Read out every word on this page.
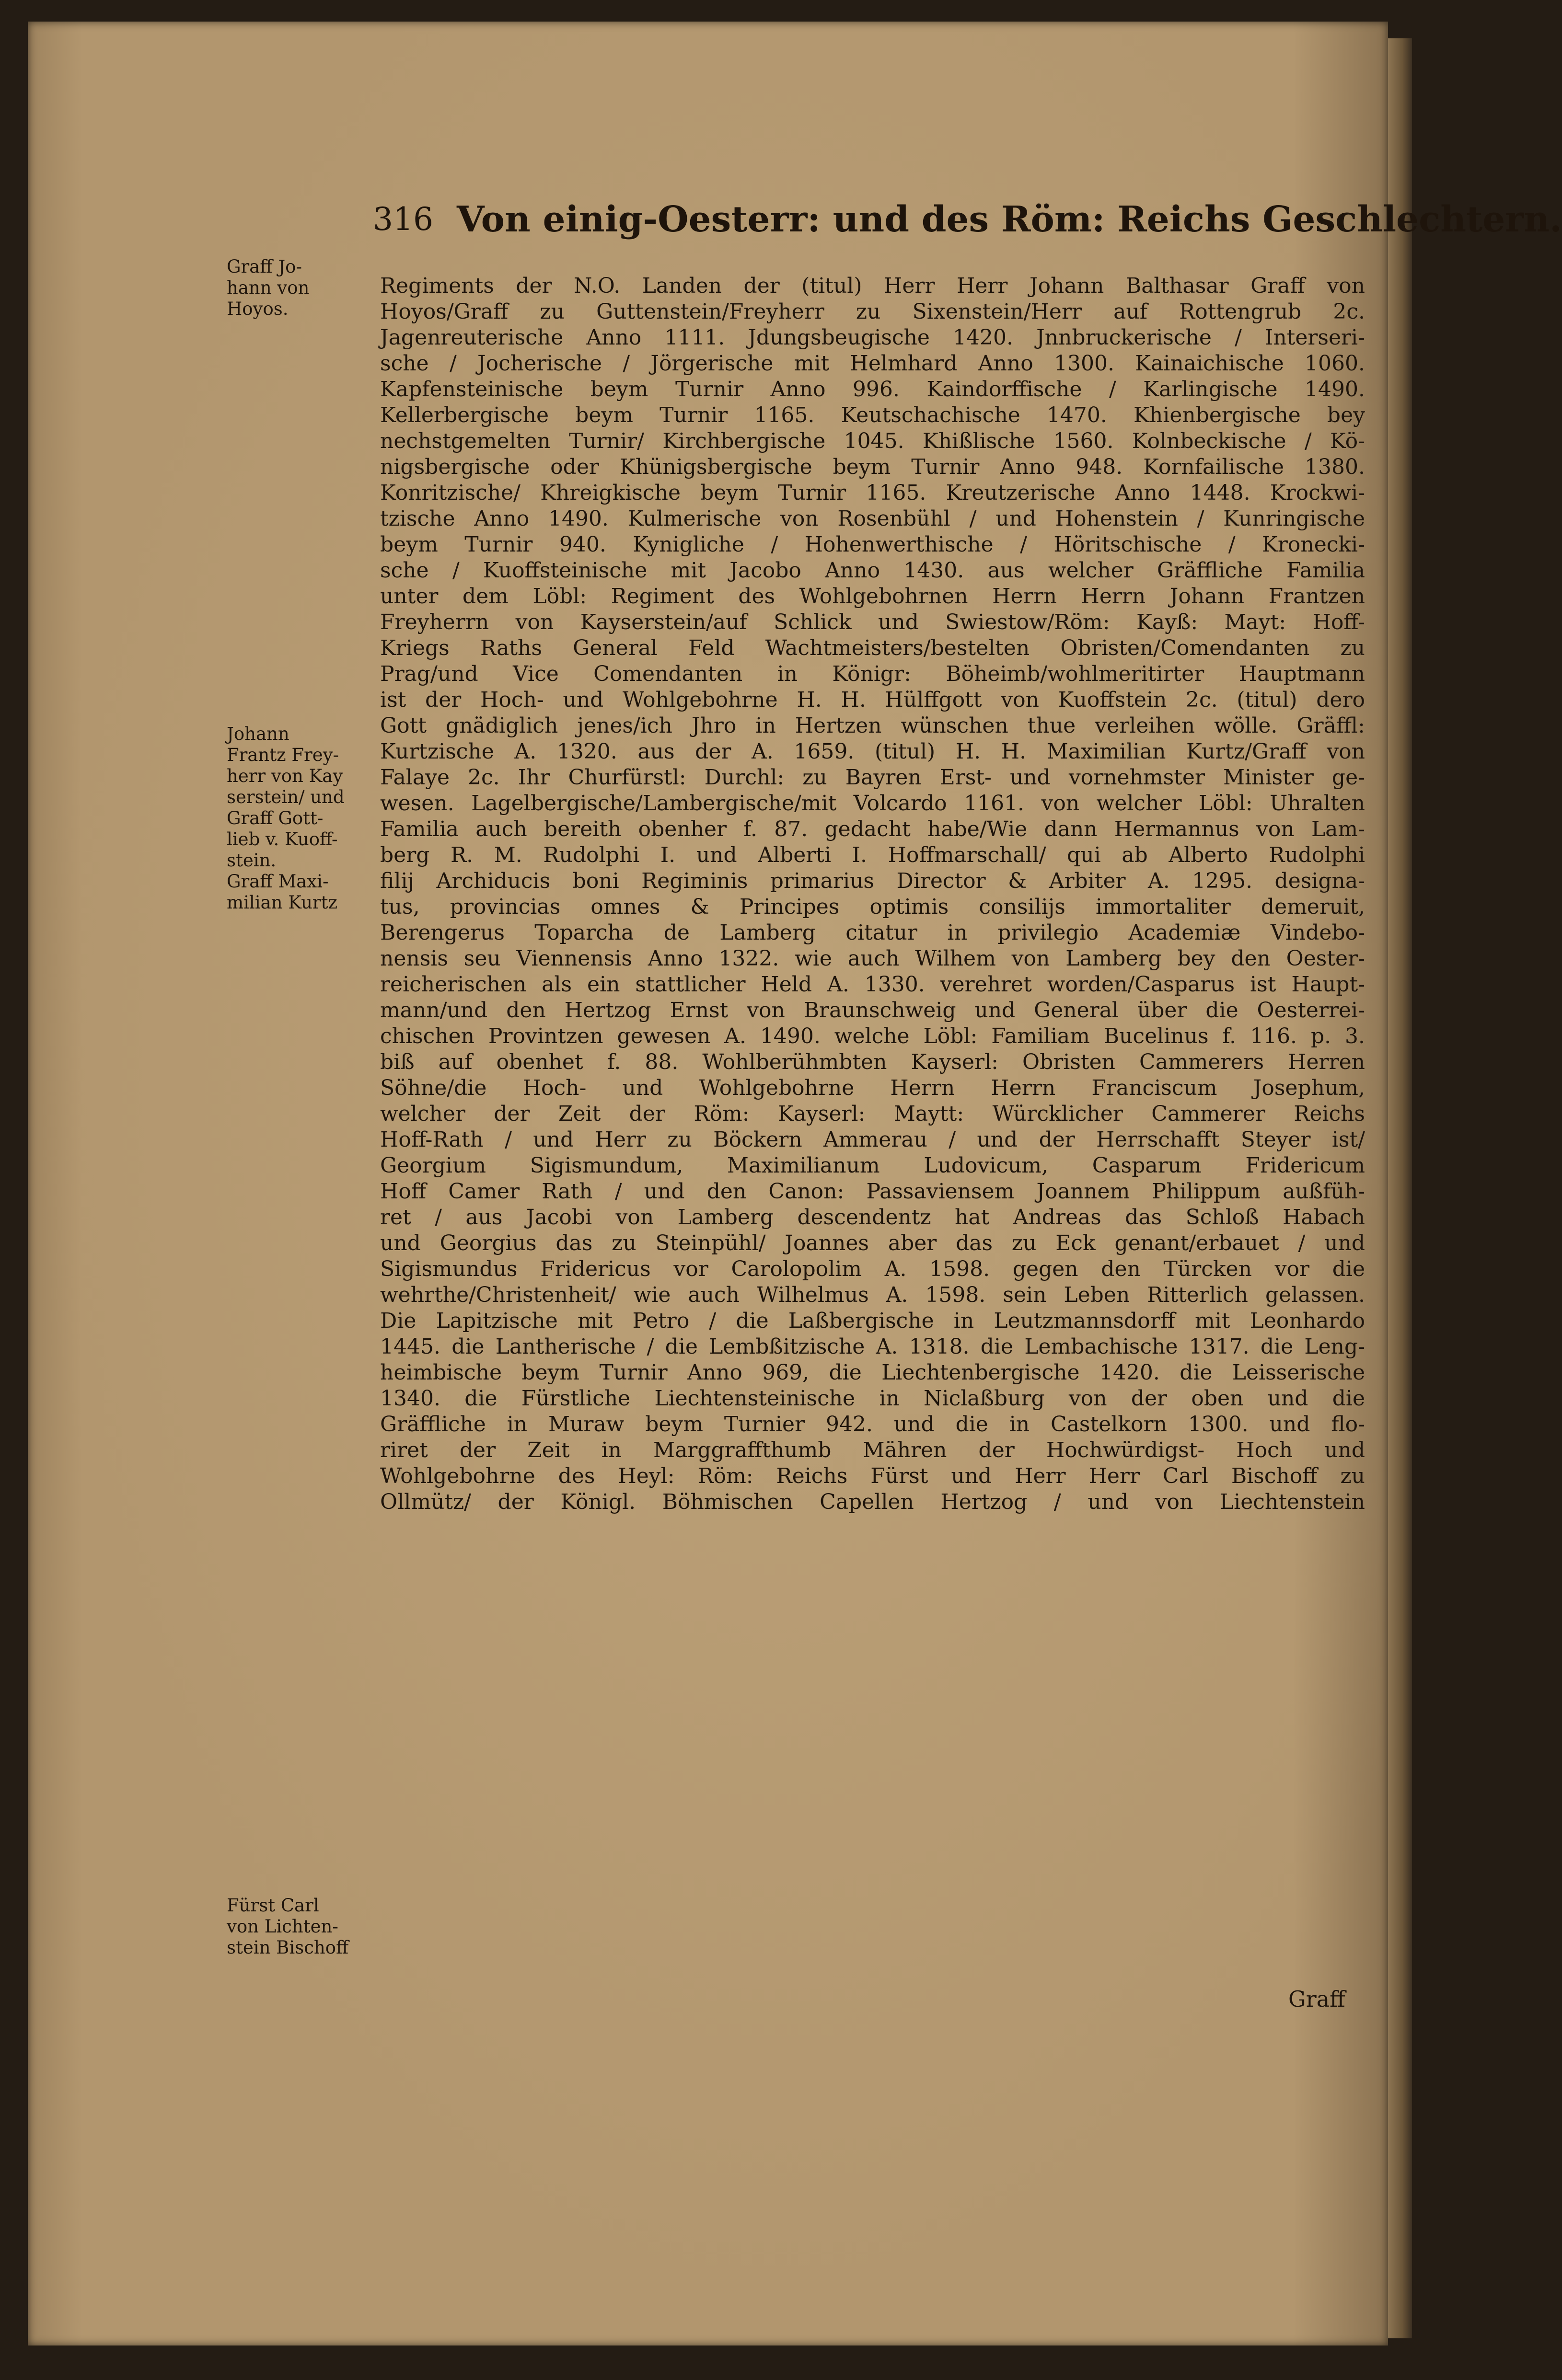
316 Von einig-Oesterr: und des Röm: Reichs Geschlechtern.
Graff Jo-
hann von
Hoyos.
Johann
Frantz Frey-
herr von Kay
serstein/ und
Graff Gott-
lieb v. Kuoff-
stein.
Graff Maxi-
milian Kurtz
Fürst Carl
von Lichten-
stein Bischoff
Regiments der N.O. Landen der (titul) Herr Herr Johann Balthasar Graff von
Hoyos/Graff zu Guttenstein/Freyherr zu Sixenstein/Herr auf Rottengrub 2c.
Jagenreuterische Anno 1111. Jdungsbeugische 1420. Jnnbruckerische / Interseri-
sche / Jocherische / Jörgerische mit Helmhard Anno 1300. Kainaichische 1060.
Kapfensteinische beym Turnir Anno 996. Kaindorffische / Karlingische 1490.
Kellerbergische beym Turnir 1165. Keutschachische 1470. Khienbergische bey
nechstgemelten Turnir/ Kirchbergische 1045. Khißlische 1560. Kolnbeckische / Kö-
nigsbergische oder Khünigsbergische beym Turnir Anno 948. Kornfailische 1380.
Konritzische/ Khreigkische beym Turnir 1165. Kreutzerische Anno 1448. Krockwi-
tzische Anno 1490. Kulmerische von Rosenbühl / und Hohenstein / Kunringische
beym Turnir 940. Kynigliche / Hohenwerthische / Höritschische / Kronecki-
sche / Kuoffsteinische mit Jacobo Anno 1430. aus welcher Gräffliche Familia
unter dem Löbl: Regiment des Wohlgebohrnen Herrn Herrn Johann Frantzen
Freyherrn von Kayserstein/auf Schlick und Swiestow/Röm: Kayß: Mayt: Hoff-
Kriegs Raths General Feld Wachtmeisters/bestelten Obristen/Comendanten zu
Prag/und Vice Comendanten in Königr: Böheimb/wohlmeritirter Hauptmann
ist der Hoch- und Wohlgebohrne H. H. Hülffgott von Kuoffstein 2c. (titul) dero
Gott gnädiglich jenes/ich Jhro in Hertzen wünschen thue verleihen wölle. Gräffl:
Kurtzische A. 1320. aus der A. 1659. (titul) H. H. Maximilian Kurtz/Graff von
Falaye 2c. Ihr Churfürstl: Durchl: zu Bayren Erst- und vornehmster Minister ge-
wesen. Lagelbergische/Lambergische/mit Volcardo 1161. von welcher Löbl: Uhralten
Familia auch bereith obenher f. 87. gedacht habe/Wie dann Hermannus von Lam-
berg R. M. Rudolphi I. und Alberti I. Hoffmarschall/ qui ab Alberto Rudolphi
filij Archiducis boni Regiminis primarius Director & Arbiter A. 1295. designa-
tus, provincias omnes & Principes optimis consilijs immortaliter demeruit,
Berengerus Toparcha de Lamberg citatur in privilegio Academiæ Vindebo-
nensis seu Viennensis Anno 1322. wie auch Wilhem von Lamberg bey den Oester-
reicherischen als ein stattlicher Held A. 1330. verehret worden/Casparus ist Haupt-
mann/und den Hertzog Ernst von Braunschweig und General über die Oesterrei-
chischen Provintzen gewesen A. 1490. welche Löbl: Familiam Bucelinus f. 116. p. 3.
biß auf obenhet f. 88. Wohlberühmbten Kayserl: Obristen Cammerers Herren
Söhne/die Hoch- und Wohlgebohrne Herrn Herrn Franciscum Josephum,
welcher der Zeit der Röm: Kayserl: Maytt: Würcklicher Cammerer Reichs
Hoff-Rath / und Herr zu Böckern Ammerau / und der Herrschafft Steyer ist/
Georgium Sigismundum, Maximilianum Ludovicum, Casparum Fridericum
Hoff Camer Rath / und den Canon: Passaviensem Joannem Philippum außfüh-
ret / aus Jacobi von Lamberg descendentz hat Andreas das Schloß Habach
und Georgius das zu Steinpühl/ Joannes aber das zu Eck genant/erbauet / und
Sigismundus Fridericus vor Carolopolim A. 1598. gegen den Türcken vor die
wehrthe/Christenheit/ wie auch Wilhelmus A. 1598. sein Leben Ritterlich gelassen.
Die Lapitzische mit Petro / die Laßbergische in Leutzmannsdorff mit Leonhardo
1445. die Lantherische / die Lembßitzische A. 1318. die Lembachische 1317. die Leng-
heimbische beym Turnir Anno 969, die Liechtenbergische 1420. die Leisserische
1340. die Fürstliche Liechtensteinische in Niclaßburg von der oben und die
Gräffliche in Muraw beym Turnier 942. und die in Castelkorn 1300. und flo-
riret der Zeit in Marggraffthumb Mähren der Hochwürdigst- Hoch und
Wohlgebohrne des Heyl: Röm: Reichs Fürst und Herr Herr Carl Bischoff zu
Ollmütz/ der Königl. Böhmischen Capellen Hertzog / und von Liechtenstein
Graff
